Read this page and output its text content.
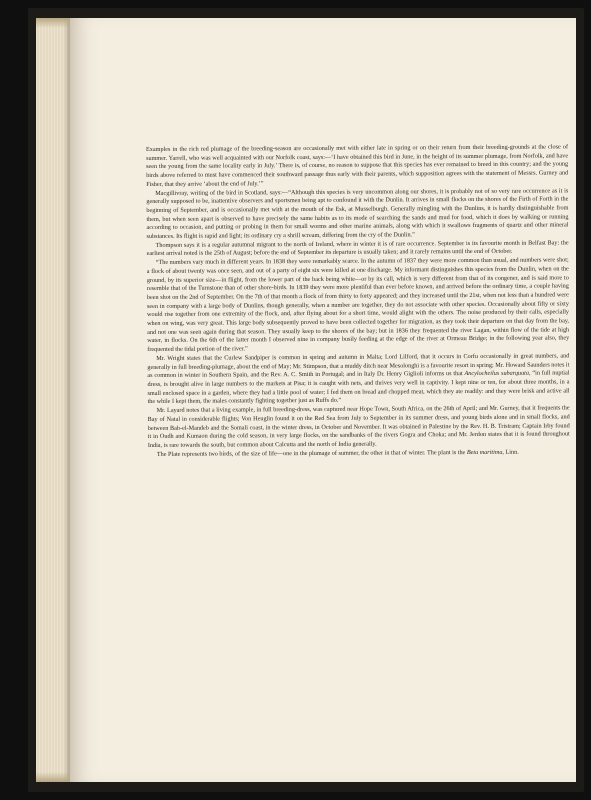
Examples in the rich red plumage of the breeding-season are occasionally met with either late in spring or on their return from their breeding-grounds at the close of summer. Yarrell, who was well acquainted with our Norfolk coast, says:—‘I have obtained this bird in June, in the height of its summer plumage, from Norfolk, and have seen the young from the same locality early in July.’ There is, of course, no reason to suppose that this species has ever remained to breed in this country; and the young birds above referred to must have commenced their southward passage thus early with their parents, which supposition agrees with the statement of Messrs. Gurney and Fisher, that they arrive ‘about the end of July.’”

Macgillivray, writing of the bird in Scotland, says:—“Although this species is very uncommon along our shores, it is probably not of so very rare occurrence as it is generally supposed to be, inattentive observers and sportsmen being apt to confound it with the Dunlin. It arrives in small flocks on the shores of the Firth of Forth in the beginning of September, and is occasionally met with at the mouth of the Esk, at Musselburgh. Generally mingling with the Dunlins, it is hardly distinguishable from them, but when seen apart is observed to have precisely the same habits as to its mode of searching the sands and mud for food, which it does by walking or running according to occasion, and putting or probing in them for small worms and other marine animals, along with which it swallows fragments of quartz and other mineral substances. Its flight is rapid and light; its ordinary cry a shrill scream, differing from the cry of the Dunlin.”

Thompson says it is a regular autumnal migrant to the north of Ireland, where in winter it is of rare occurrence. September is its favourite month in Belfast Bay: the earliest arrival noted is the 25th of August; before the end of September its departure is usually taken; and it rarely remains until the end of October.

“The numbers vary much in different years. In 1838 they were remarkably scarce. In the autumn of 1837 they were more common than usual, and numbers were shot; a flock of about twenty was once seen, and out of a party of eight six were killed at one discharge. My informant distinguishes this species from the Dunlin, when on the ground, by its superior size—in flight, from the lower part of the back being white—or by its call, which is very different from that of its congener, and is said more to resemble that of the Turnstone than of other shore-birds. In 1839 they were more plentiful than ever before known, and arrived before the ordinary time, a couple having been shot on the 2nd of September. On the 7th of that month a flock of from thirty to forty appeared; and they increased until the 21st, when not less than a hundred were seen in company with a large body of Dunlins, though generally, when a number are together, they do not associate with other species. Occasionally about fifty or sixty would rise together from one extremity of the flock, and, after flying about for a short time, would alight with the others. The noise produced by their calls, especially when on wing, was very great. This large body subsequently proved to have been collected together for migration, as they took their departure on that day from the bay, and not one was seen again during that season. They usually keep to the shores of the bay; but in 1836 they frequented the river Lagan, within flow of the tide at high water, in flocks. On the 6th of the latter month I observed nine in company busily feeding at the edge of the river at Ormeau Bridge; in the following year also, they frequented the tidal portion of the river.”

Mr. Wright states that the Curlew Sandpiper is common in spring and autumn in Malta; Lord Lilford, that it occurs in Corfu occasionally in great numbers, and generally in full breeding-plumage, about the end of May; Mr. Stimpson, that a muddy ditch near Mesolonghi is a favourite resort in spring; Mr. Howard Saunders notes it as common in winter in Southern Spain, and the Rev. A. C. Smith in Portugal; and in Italy Dr. Henry Giglioli informs us that Ancylocheilus subarquata, “in full nuptial dress, is brought alive in large numbers to the markets at Pisa; it is caught with nets, and thrives very well in captivity. I kept nine or ten, for about three months, in a small enclosed space in a garden, where they had a little pool of water; I fed them on bread and chopped meat, which they ate readily: and they were brisk and active all the while I kept them, the males constantly fighting together just as Ruffs do.”

Mr. Layard notes that a living example, in full breeding-dress, was captured near Hope Town, South Africa, on the 26th of April; and Mr. Gurney, that it frequents the Bay of Natal in considerable flights; Von Heuglin found it on the Red Sea from July to September in its summer dress, and young birds alone and in small flocks, and between Bab-el-Mandeb and the Somali coast, in the winter dress, in October and November. It was obtained in Palestine by the Rev. H. B. Tristram; Captain Irby found it in Oudh and Kumaon during the cold season, in very large flocks, on the sandbanks of the rivers Gogra and Choka; and Mr. Jerdon states that it is found throughout India, is rare towards the south, but common about Calcutta and the north of India generally.

The Plate represents two birds, of the size of life—one in the plumage of summer, the other in that of winter. The plant is the Beta maritima, Linn.
